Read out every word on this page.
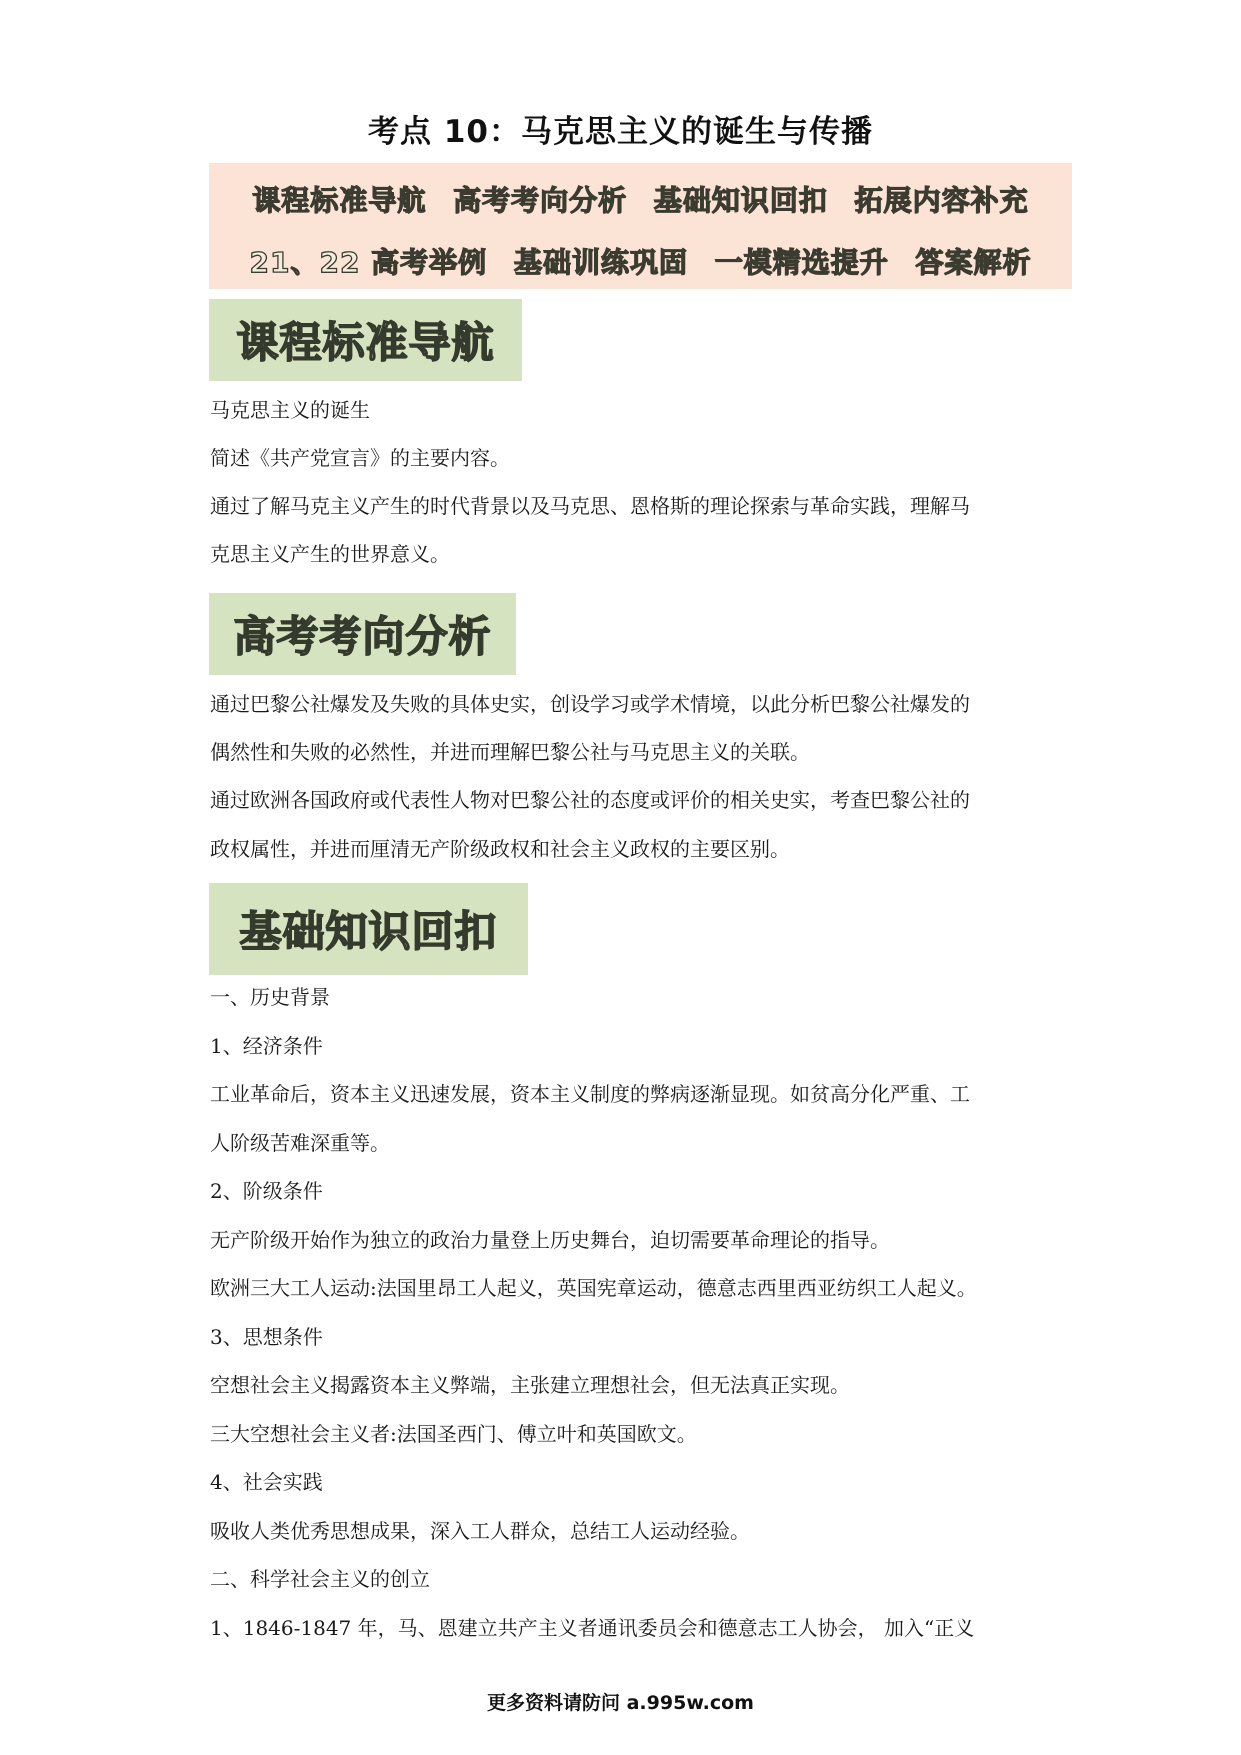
考点 10：马克思主义的诞生与传播
课程标准导航 高考考向分析 基础知识回扣 拓展内容补充
21、22 高考举例 基础训练巩固 一模精选提升 答案解析
课程标准导航
马克思主义的诞生
简述《共产党宣言》的主要内容。
通过了解马克主义产生的时代背景以及马克思、恩格斯的理论探索与革命实践，理解马
克思主义产生的世界意义。
高考考向分析
通过巴黎公社爆发及失败的具体史实，创设学习或学术情境，以此分析巴黎公社爆发的
偶然性和失败的必然性，并进而理解巴黎公社与马克思主义的关联。
通过欧洲各国政府或代表性人物对巴黎公社的态度或评价的相关史实，考查巴黎公社的
政权属性，并进而厘清无产阶级政权和社会主义政权的主要区别。
基础知识回扣
一、历史背景
1、经济条件
工业革命后，资本主义迅速发展，资本主义制度的弊病逐渐显现。如贫高分化严重、工
人阶级苦难深重等。
2、阶级条件
无产阶级开始作为独立的政治力量登上历史舞台，迫切需要革命理论的指导。
欧洲三大工人运动:法国里昂工人起义，英国宪章运动，德意志西里西亚纺织工人起义。
3、思想条件
空想社会主义揭露资本主义弊端，主张建立理想社会，但无法真正实现。
三大空想社会主义者:法国圣西门、傅立叶和英国欧文。
4、社会实践
吸收人类优秀思想成果，深入工人群众，总结工人运动经验。
二、科学社会主义的创立
1、1846-1847 年，马、恩建立共产主义者通讯委员会和德意志工人协会， 加入“正义
更多资料请防问 a.995w.com
